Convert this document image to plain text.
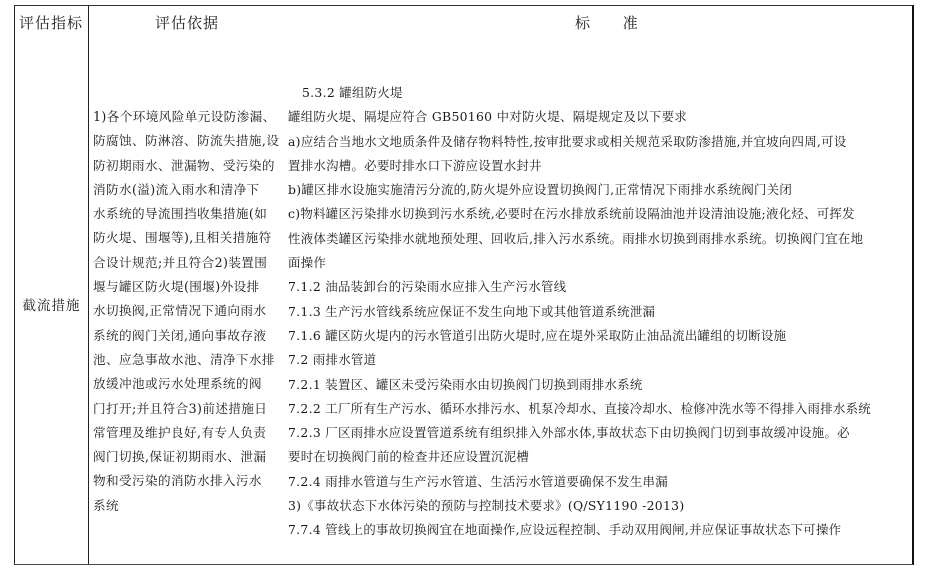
评估指标	评估依据	标 准
截流措施
1)各个环境风险单元设防渗漏、
防腐蚀、防淋溶、防流失措施,设
防初期雨水、泄漏物、受污染的
消防水(溢)流入雨水和清净下
水系统的导流围挡收集措施(如
防火堤、围堰等),且相关措施符
合设计规范;并且符合2)装置围
堰与罐区防火堤(围堰)外设排
水切换阀,正常情况下通向雨水
系统的阀门关闭,通向事故存液
池、应急事故水池、清净下水排
放缓冲池或污水处理系统的阀
门打开;并且符合3)前述措施日
常管理及维护良好,有专人负责
阀门切换,保证初期雨水、泄漏
物和受污染的消防水排入污水
系统
5.3.2 罐组防火堤
罐组防火堤、隔堤应符合 GB50160 中对防火堤、隔堤规定及以下要求
a)应结合当地水文地质条件及储存物料特性,按审批要求或相关规范采取防渗措施,并宜坡向四周,可设
置排水沟槽。必要时排水口下游应设置水封井
b)罐区排水设施实施清污分流的,防火堤外应设置切换阀门,正常情况下雨排水系统阀门关闭
c)物料罐区污染排水切换到污水系统,必要时在污水排放系统前设隔油池并设清油设施;液化烃、可挥发
性液体类罐区污染排水就地预处理、回收后,排入污水系统。雨排水切换到雨排水系统。切换阀门宜在地
面操作
7.1.2 油品装卸台的污染雨水应排入生产污水管线
7.1.3 生产污水管线系统应保证不发生向地下或其他管道系统泄漏
7.1.6 罐区防火堤内的污水管道引出防火堤时,应在堤外采取防止油品流出罐组的切断设施
7.2 雨排水管道
7.2.1 装置区、罐区未受污染雨水由切换阀门切换到雨排水系统
7.2.2 工厂所有生产污水、循环水排污水、机泵冷却水、直接冷却水、检修冲洗水等不得排入雨排水系统
7.2.3 厂区雨排水应设置管道系统有组织排入外部水体,事故状态下由切换阀门切到事故缓冲设施。必
要时在切换阀门前的检查井还应设置沉泥槽
7.2.4 雨排水管道与生产污水管道、生活污水管道要确保不发生串漏
3)《事故状态下水体污染的预防与控制技术要求》(Q/SY1190 -2013)
7.7.4 管线上的事故切换阀宜在地面操作,应设远程控制、手动双用阀闸,并应保证事故状态下可操作
